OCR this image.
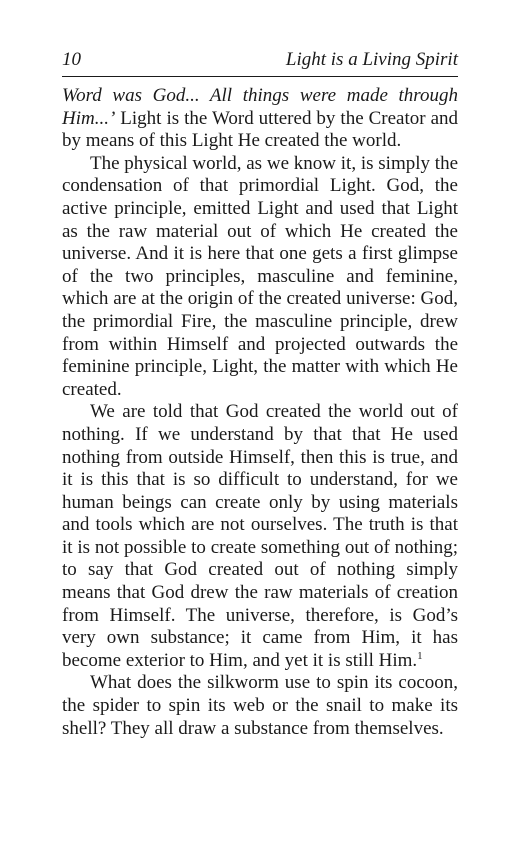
10	Light is a Living Spirit

Word was God... All things were made through Him...’ Light is the Word uttered by the Creator and by means of this Light He created the world.

The physical world, as we know it, is simply the condensation of that primordial Light. God, the active principle, emitted Light and used that Light as the raw material out of which He created the universe. And it is here that one gets a first glimpse of the two principles, masculine and feminine, which are at the origin of the created universe: God, the primordial Fire, the masculine principle, drew from within Himself and projected outwards the feminine principle, Light, the matter with which He created.

We are told that God created the world out of nothing. If we understand by that that He used nothing from outside Himself, then this is true, and it is this that is so difficult to understand, for we human beings can create only by using materials and tools which are not ourselves. The truth is that it is not possible to create something out of nothing; to say that God created out of nothing simply means that God drew the raw materials of creation from Himself. The universe, therefore, is God’s very own substance; it came from Him, it has become exterior to Him, and yet it is still Him.$^1$

What does the silkworm use to spin its cocoon, the spider to spin its web or the snail to make its shell? They all draw a substance from themselves.
